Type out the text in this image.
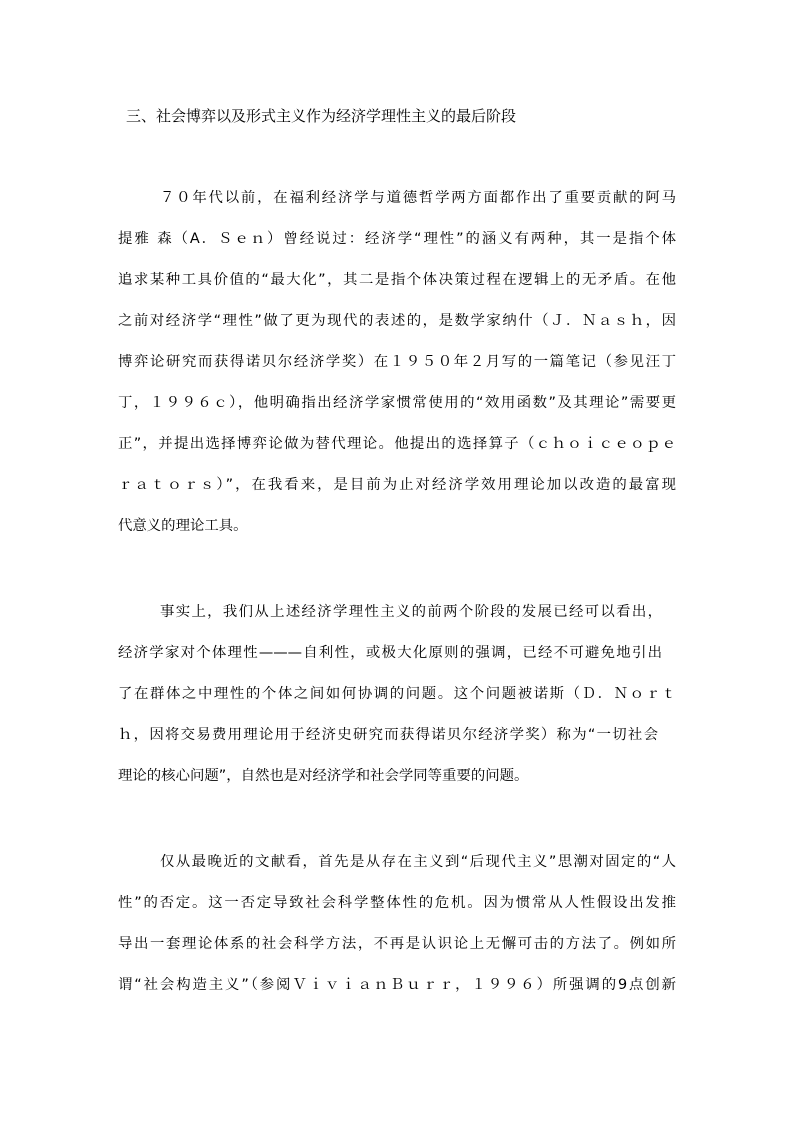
三、社会博弈以及形式主义作为经济学理性主义的最后阶段
７０年代以前，在福利经济学与道德哲学两方面都作出了重要贡献的阿马
提雅 森（A．Ｓｅｎ）曾经说过：经济学“理性”的涵义有两种，其一是指个体
追求某种工具价值的“最大化”，其二是指个体决策过程在逻辑上的无矛盾。在他
之前对经济学“理性”做了更为现代的表述的，是数学家纳什（Ｊ．Ｎａｓｈ，因
博弈论研究而获得诺贝尔经济学奖）在１９５０年２月写的一篇笔记（参见汪丁
丁，１９９６ｃ），他明确指出经济学家惯常使用的“效用函数”及其理论”需要更
正”，并提出选择博弈论做为替代理论。他提出的选择算子（ｃｈｏｉｃｅｏｐｅ
ｒａｔｏｒｓ）”，在我看来，是目前为止对经济学效用理论加以改造的最富现
代意义的理论工具。
事实上，我们从上述经济学理性主义的前两个阶段的发展已经可以看出，
经济学家对个体理性———自利性，或极大化原则的强调，已经不可避免地引出
了在群体之中理性的个体之间如何协调的问题。这个问题被诺斯（Ｄ．Ｎｏｒｔ
ｈ，因将交易费用理论用于经济史研究而获得诺贝尔经济学奖）称为“一切社会
理论的核心问题”，自然也是对经济学和社会学同等重要的问题。
仅从最晚近的文献看，首先是从存在主义到“后现代主义”思潮对固定的“人
性”的否定。这一否定导致社会科学整体性的危机。因为惯常从人性假设出发推
导出一套理论体系的社会科学方法，不再是认识论上无懈可击的方法了。例如所
谓“社会构造主义”（参阅ＶｉｖｉａｎＢｕｒｒ，１９９６）所强调的9点创新
